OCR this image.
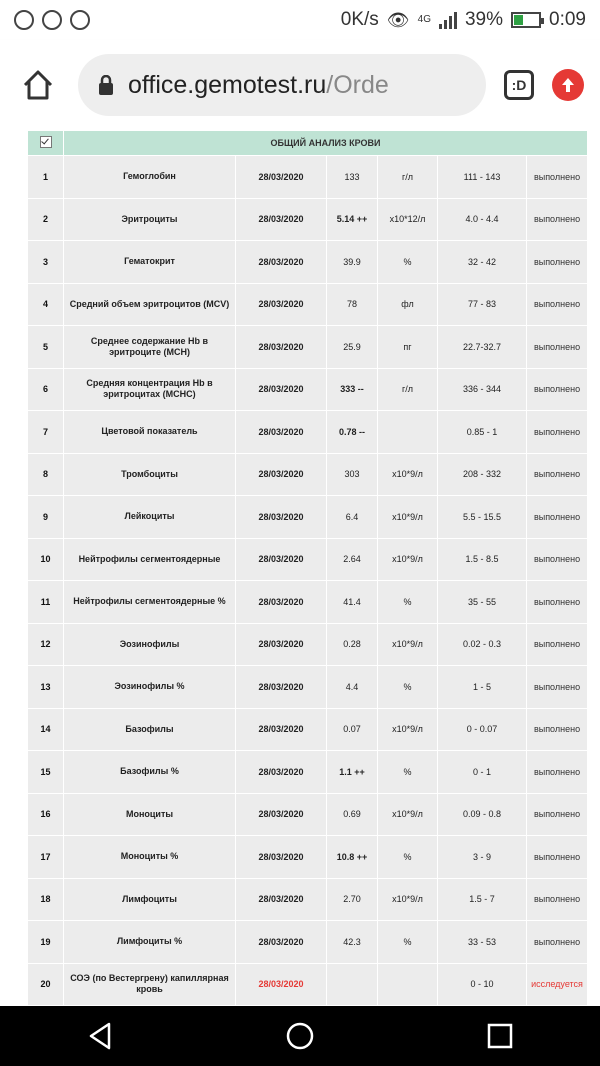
0K/s 👁 4G 39% 0:09
office.gemotest.ru/Orde	:D
	ОБЩИЙ АНАЛИЗ КРОВИ					
1	Гемоглобин	28/03/2020	133	г/л	111 - 143	выполнено
2	Эритроциты	28/03/2020	5.14 ++	x10*12/л	4.0 - 4.4	выполнено
3	Гематокрит	28/03/2020	39.9	%	32 - 42	выполнено
4	Средний объем эритроцитов (MCV)	28/03/2020	78	фл	77 - 83	выполнено
5	Среднее содержание Hb в эритроците (MCH)	28/03/2020	25.9	пг	22.7-32.7	выполнено
6	Средняя концентрация Hb в эритроцитах (MCHC)	28/03/2020	333 --	г/л	336 - 344	выполнено
7	Цветовой показатель	28/03/2020	0.78 --		0.85 - 1	выполнено
8	Тромбоциты	28/03/2020	303	x10*9/л	208 - 332	выполнено
9	Лейкоциты	28/03/2020	6.4	x10*9/л	5.5 - 15.5	выполнено
10	Нейтрофилы сегментоядерные	28/03/2020	2.64	x10*9/л	1.5 - 8.5	выполнено
11	Нейтрофилы сегментоядерные %	28/03/2020	41.4	%	35 - 55	выполнено
12	Эозинофилы	28/03/2020	0.28	x10*9/л	0.02 - 0.3	выполнено
13	Эозинофилы %	28/03/2020	4.4	%	1 - 5	выполнено
14	Базофилы	28/03/2020	0.07	x10*9/л	0 - 0.07	выполнено
15	Базофилы %	28/03/2020	1.1 ++	%	0 - 1	выполнено
16	Моноциты	28/03/2020	0.69	x10*9/л	0.09 - 0.8	выполнено
17	Моноциты %	28/03/2020	10.8 ++	%	3 - 9	выполнено
18	Лимфоциты	28/03/2020	2.70	x10*9/л	1.5 - 7	выполнено
19	Лимфоциты %	28/03/2020	42.3	%	33 - 53	выполнено
20	СОЭ (по Вестергрену) капиллярная кровь	28/03/2020			0 - 10	исследуется
